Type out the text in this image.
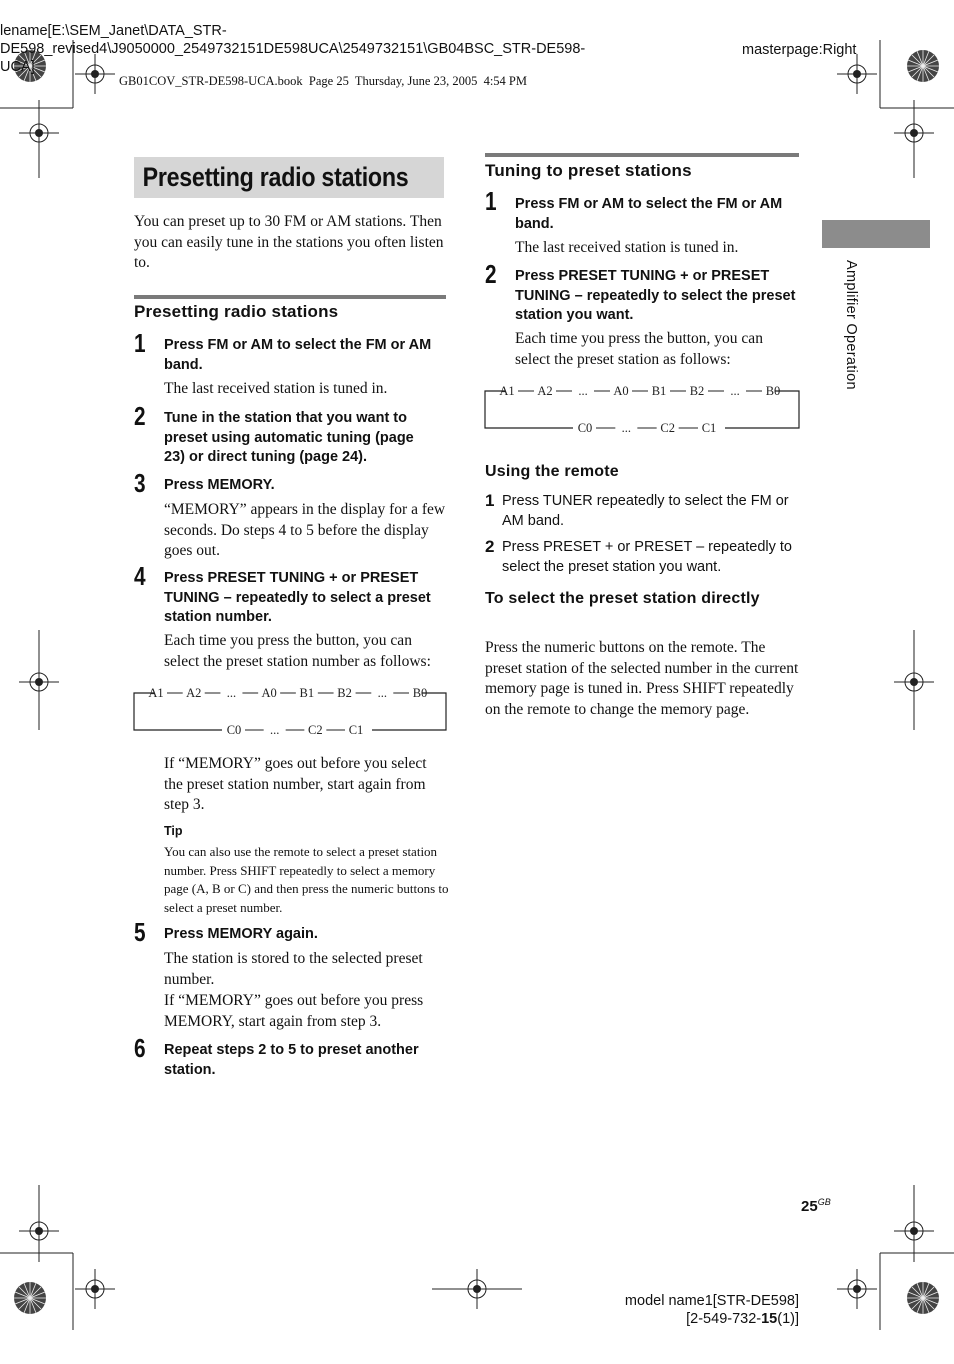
lename[E:\SEM_Janet\DATA_STR-
DE598_revised4\J9050000_2549732151DE598UCA\2549732151\GB04BSC_STR-DE598-
UCA]
masterpage:Right
GB01COV_STR-DE598-UCA.book  Page 25  Thursday, June 23, 2005  4:54 PM
Amplifier Operation
Presetting radio stations
You can preset up to 30 FM or AM stations. Then you can easily tune in the stations you often listen to.
Presetting radio stations
1 Press FM or AM to select the FM or AM band.
The last received station is tuned in.
2 Tune in the station that you want to preset using automatic tuning (page 23) or direct tuning (page 24).
3 Press MEMORY.
“MEMORY” appears in the display for a few seconds. Do steps 4 to 5 before the display goes out.
4 Press PRESET TUNING + or PRESET TUNING – repeatedly to select a preset station number.
Each time you press the button, you can select the preset station number as follows:
A1 A2 ... A0 B1 B2 ... B0
C0 ... C2 C1
If “MEMORY” goes out before you select the preset station number, start again from step 3.
Tip
You can also use the remote to select a preset station number. Press SHIFT repeatedly to select a memory page (A, B or C) and then press the numeric buttons to select a preset number.
5 Press MEMORY again.
The station is stored to the selected preset number.
If “MEMORY” goes out before you press MEMORY, start again from step 3.
6 Repeat steps 2 to 5 to preset another station.
Tuning to preset stations
1 Press FM or AM to select the FM or AM band.
The last received station is tuned in.
2 Press PRESET TUNING + or PRESET TUNING – repeatedly to select the preset station you want.
Each time you press the button, you can select the preset station as follows:
A1 A2 ... A0 B1 B2 ... B0
C0 ... C2 C1
Using the remote
1 Press TUNER repeatedly to select the FM or AM band.
2 Press PRESET + or PRESET – repeatedly to select the preset station you want.
To select the preset station directly
Press the numeric buttons on the remote. The preset station of the selected number in the current memory page is tuned in. Press SHIFT repeatedly on the remote to change the memory page.
$25^{GB}$
model name1[STR-DE598]
[2-549-732-15(1)]
